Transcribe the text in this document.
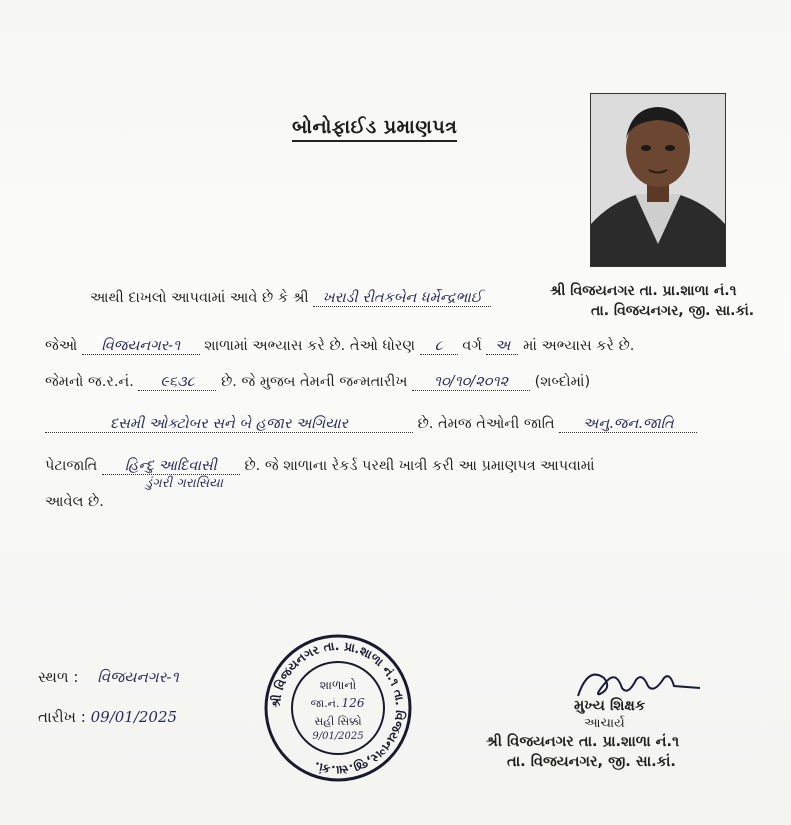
બોનોફાઈડ પ્રમાણપત્ર
શ્રી વિજયનગર તા. પ્રા.શાળા નં.૧
તા. વિજયનગર, જી. સા.કાં.
આથી દાખલો આપવામાં આવે છે કે શ્રી ખરાડી રીતકબેન ધર્મેન્દ્રભાઈ
જેઓ વિજયનગર-૧ શાળામાં અભ્યાસ કરે છે. તેઓ ધોરણ ૮ વર્ગ અ માં અભ્યાસ કરે છે.
જેમનો જ.ર.નં. ૯૬૩૮ છે. જે મુજબ તેમની જન્મતારીખ ૧૦/૧૦/૨૦૧૨ (શબ્દોમાં)
દસમી ઓક્ટોબર સને બે હજાર અગિયાર	છે. તેમજ તેઓની જાતિ અનુ.જન.જાતિ
પેટાજાતિ હિન્દુ આદિવાસી છે. જે શાળાના રેકર્ડ પરથી ખાત્રી કરી આ પ્રમાણપત્ર આપવામાં
ડુંગરી ગરાસિયા
આવેલ છે.
સ્થળ : વિજયનગર-૧
તારીખ : 09/01/2025
શ્રી વિજયનગર તા. પ્રા.શાળા નં.૧ તા. વિજયનગર,જી.સા.કાં.
શાળાનો
જા.નં. 126
સહી સિક્કો
9/01/2025
મુખ્ય શિક્ષક
આચાર્ય
શ્રી વિજયનગર તા. પ્રા.શાળા નં.૧
તા. વિજયનગર, જી. સા.કાં.
